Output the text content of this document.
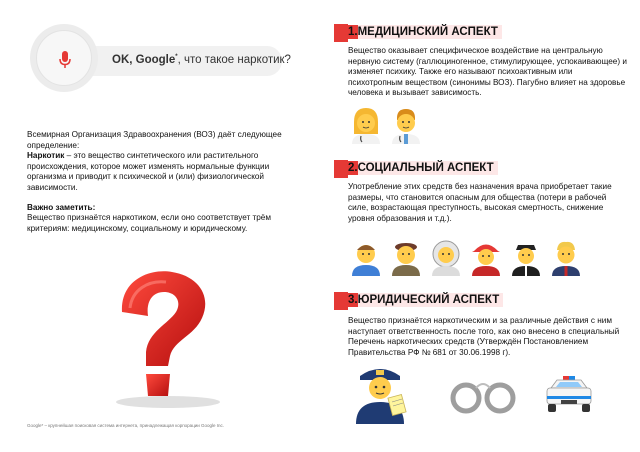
OK, Google*, что такое наркотик?

Всемирная Организация Здравоохранения (ВОЗ) даёт следующее определение:

Наркотик – это вещество синтетического или растительного происхождения, которое может изменять нормальные функции организма и приводит к психической и (или) физиологической зависимости.

Важно заметить:

Вещество признаётся наркотиком, если оно соответствует трём критериям: медицинскому, социальному и юридическому.

Google* – крупнейшая поисковая система интернета, принадлежащая корпорации Google Inc.
1.МЕДИЦИНСКИЙ АСПЕКТ
Вещество оказывает специфическое воздействие на центральную нервную систему (галлюциногенное, стимулирующее, успокаивающее) и изменяет психику. Также его называют психоактивным или психотропным веществом (синонимы ВОЗ). Пагубно влияет на здоровье человека и вызывает зависимость.
2.СОЦИАЛЬНЫЙ АСПЕКТ
Употребление этих средств без назначения врача приобретает такие размеры, что становится опасным для общества (потери в рабочей силе, возрастающая преступность, высокая смертность, снижение уровня образования и т.д.).
3.ЮРИДИЧЕСКИЙ АСПЕКТ
Вещество признаётся наркотическим и за различные действия с ним наступает ответственность после того, как оно внесено в специальный Перечень наркотических средств (Утверждён Постановлением Правительства РФ № 681 от 30.06.1998 г).
